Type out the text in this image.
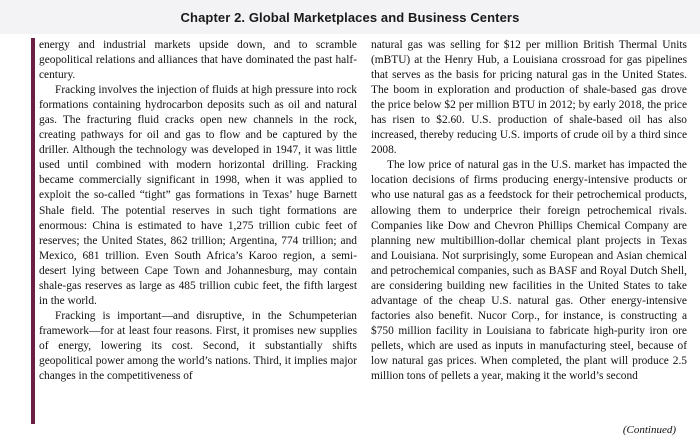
Chapter 2. Global Marketplaces and Business Centers

energy and industrial markets upside down, and to scramble geopolitical relations and alliances that have dominated the past half-century.

Fracking involves the injection of fluids at high pressure into rock formations containing hydrocarbon deposits such as oil and natural gas. The fracturing fluid cracks open new channels in the rock, creating pathways for oil and gas to flow and be captured by the driller. Although the technology was developed in 1947, it was little used until combined with modern horizontal drilling. Fracking became commercially significant in 1998, when it was applied to exploit the so-called “tight” gas formations in Texas’ huge Barnett Shale field. The potential reserves in such tight formations are enormous: China is estimated to have 1,275 trillion cubic feet of reserves; the United States, 862 trillion; Argentina, 774 trillion; and Mexico, 681 trillion. Even South Africa’s Karoo region, a semi-desert lying between Cape Town and Johannesburg, may contain shale-gas reserves as large as 485 trillion cubic feet, the fifth largest in the world.

Fracking is important—and disruptive, in the Schumpeterian framework—for at least four reasons. First, it promises new supplies of energy, lowering its cost. Second, it substantially shifts geopolitical power among the world’s nations. Third, it implies major changes in the competitiveness of

natural gas was selling for $12 per million British Thermal Units (mBTU) at the Henry Hub, a Louisiana crossroad for gas pipelines that serves as the basis for pricing natural gas in the United States. The boom in exploration and production of shale-based gas drove the price below $2 per million BTU in 2012; by early 2018, the price has risen to $2.60. U.S. production of shale-based oil has also increased, thereby reducing U.S. imports of crude oil by a third since 2008.

The low price of natural gas in the U.S. market has impacted the location decisions of firms producing energy-intensive products or who use natural gas as a feedstock for their petrochemical products, allowing them to underprice their foreign petrochemical rivals. Companies like Dow and Chevron Phillips Chemical Company are planning new multibillion-dollar chemical plant projects in Texas and Louisiana. Not surprisingly, some European and Asian chemical and petrochemical companies, such as BASF and Royal Dutch Shell, are considering building new facilities in the United States to take advantage of the cheap U.S. natural gas. Other energy-intensive factories also benefit. Nucor Corp., for instance, is constructing a $750 million facility in Louisiana to fabricate high-purity iron ore pellets, which are used as inputs in manufacturing steel, because of low natural gas prices. When completed, the plant will produce 2.5 million tons of pellets a year, making it the world’s second

(Continued)
